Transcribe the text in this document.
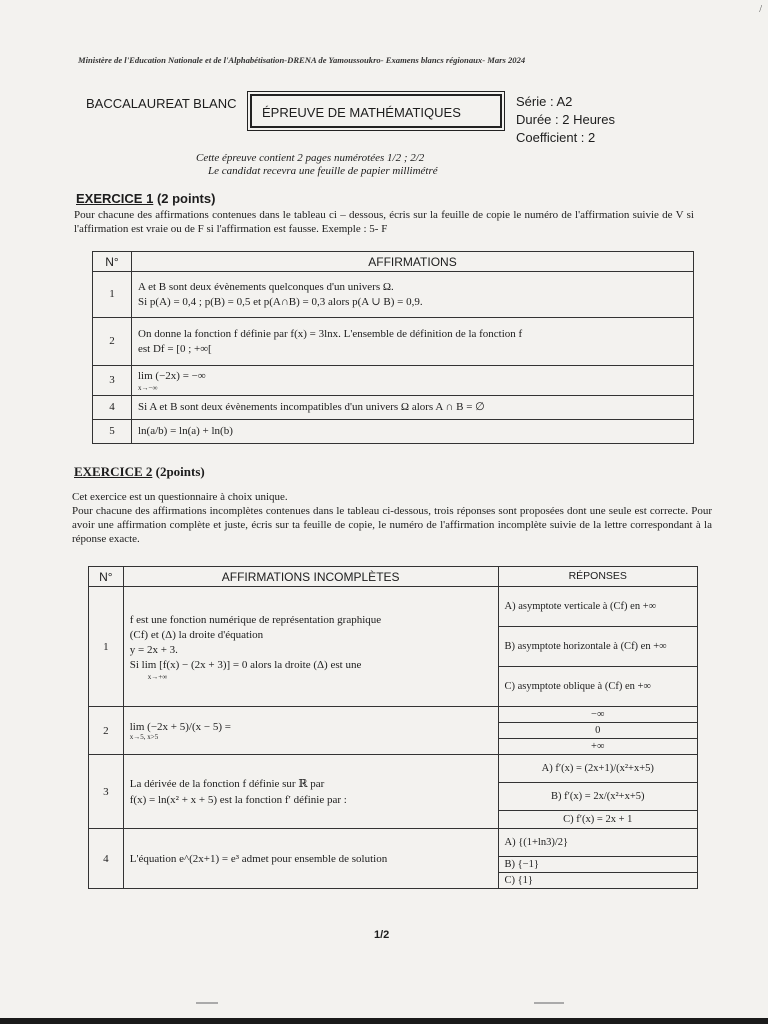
/
Ministère de l'Education Nationale et de l'Alphabétisation-DRENA de Yamoussoukro- Examens blancs régionaux- Mars 2024
BACCALAUREAT BLANC
ÉPREUVE DE MATHÉMATIQUES
Série : A2
Durée : 2 Heures
Coefficient : 2
Cette épreuve contient 2 pages numérotées 1/2 ; 2/2
Le candidat recevra une feuille de papier millimétré
EXERCICE 1 (2 points)
Pour chacune des affirmations contenues dans le tableau ci – dessous, écris sur la feuille de copie le numéro de l'affirmation suivie de V si l'affirmation est vraie ou de F si l'affirmation est fausse. Exemple : 5- F
N°	AFFIRMATIONS
1	A et B sont deux évènements quelconques d'un univers Ω.
Si p(A) = 0,4 ; p(B) = 0,5 et p(A∩B) = 0,3 alors p(A ∪ B) = 0,9.

2	On donne la fonction f définie par f(x) = 3lnx. L'ensemble de définition de la fonction f
est Df = [0 ; +∞[

3	lim (−2x) = −∞
x→−∞

4	Si A et B sont deux évènements incompatibles d'un univers Ω alors A ∩ B = ∅
5	ln(a/b) = ln(a) + ln(b)
EXERCICE 2 (2points)
Cet exercice est un questionnaire à choix unique.
Pour chacune des affirmations incomplètes contenues dans le tableau ci-dessous, trois réponses sont proposées dont une seule est correcte. Pour avoir une affirmation complète et juste, écris sur ta feuille de copie, le numéro de l'affirmation incomplète suivie de la lettre correspondant à la réponse exacte.
N°	AFFIRMATIONS INCOMPLÈTES	RÉPONSES
1	f est une fonction numérique de représentation graphique
(Cf) et (Δ) la droite d'équation
y = 2x + 3.
Si lim [f(x) − (2x + 3)] = 0 alors la droite (Δ) est une
x→+∞	A) asymptote verticale à (Cf) en +∞
		B) asymptote horizontale à (Cf) en +∞
		C) asymptote oblique à (Cf) en +∞
2	lim (−2x + 5)/(x − 5) =
x→5, x>5	−∞
		0
		+∞
3	La dérivée de la fonction f définie sur ℝ par
f(x) = ln(x² + x + 5) est la fonction f′ définie par :	A) f′(x) = (2x+1)/(x²+x+5)
		B) f′(x) = 2x/(x²+x+5)
		C) f′(x) = 2x + 1
4	L'équation e^(2x+1) = e³ admet pour ensemble de solution	A) {(1+ln3)/2}
		B) {−1}
		C) {1}
1/2
